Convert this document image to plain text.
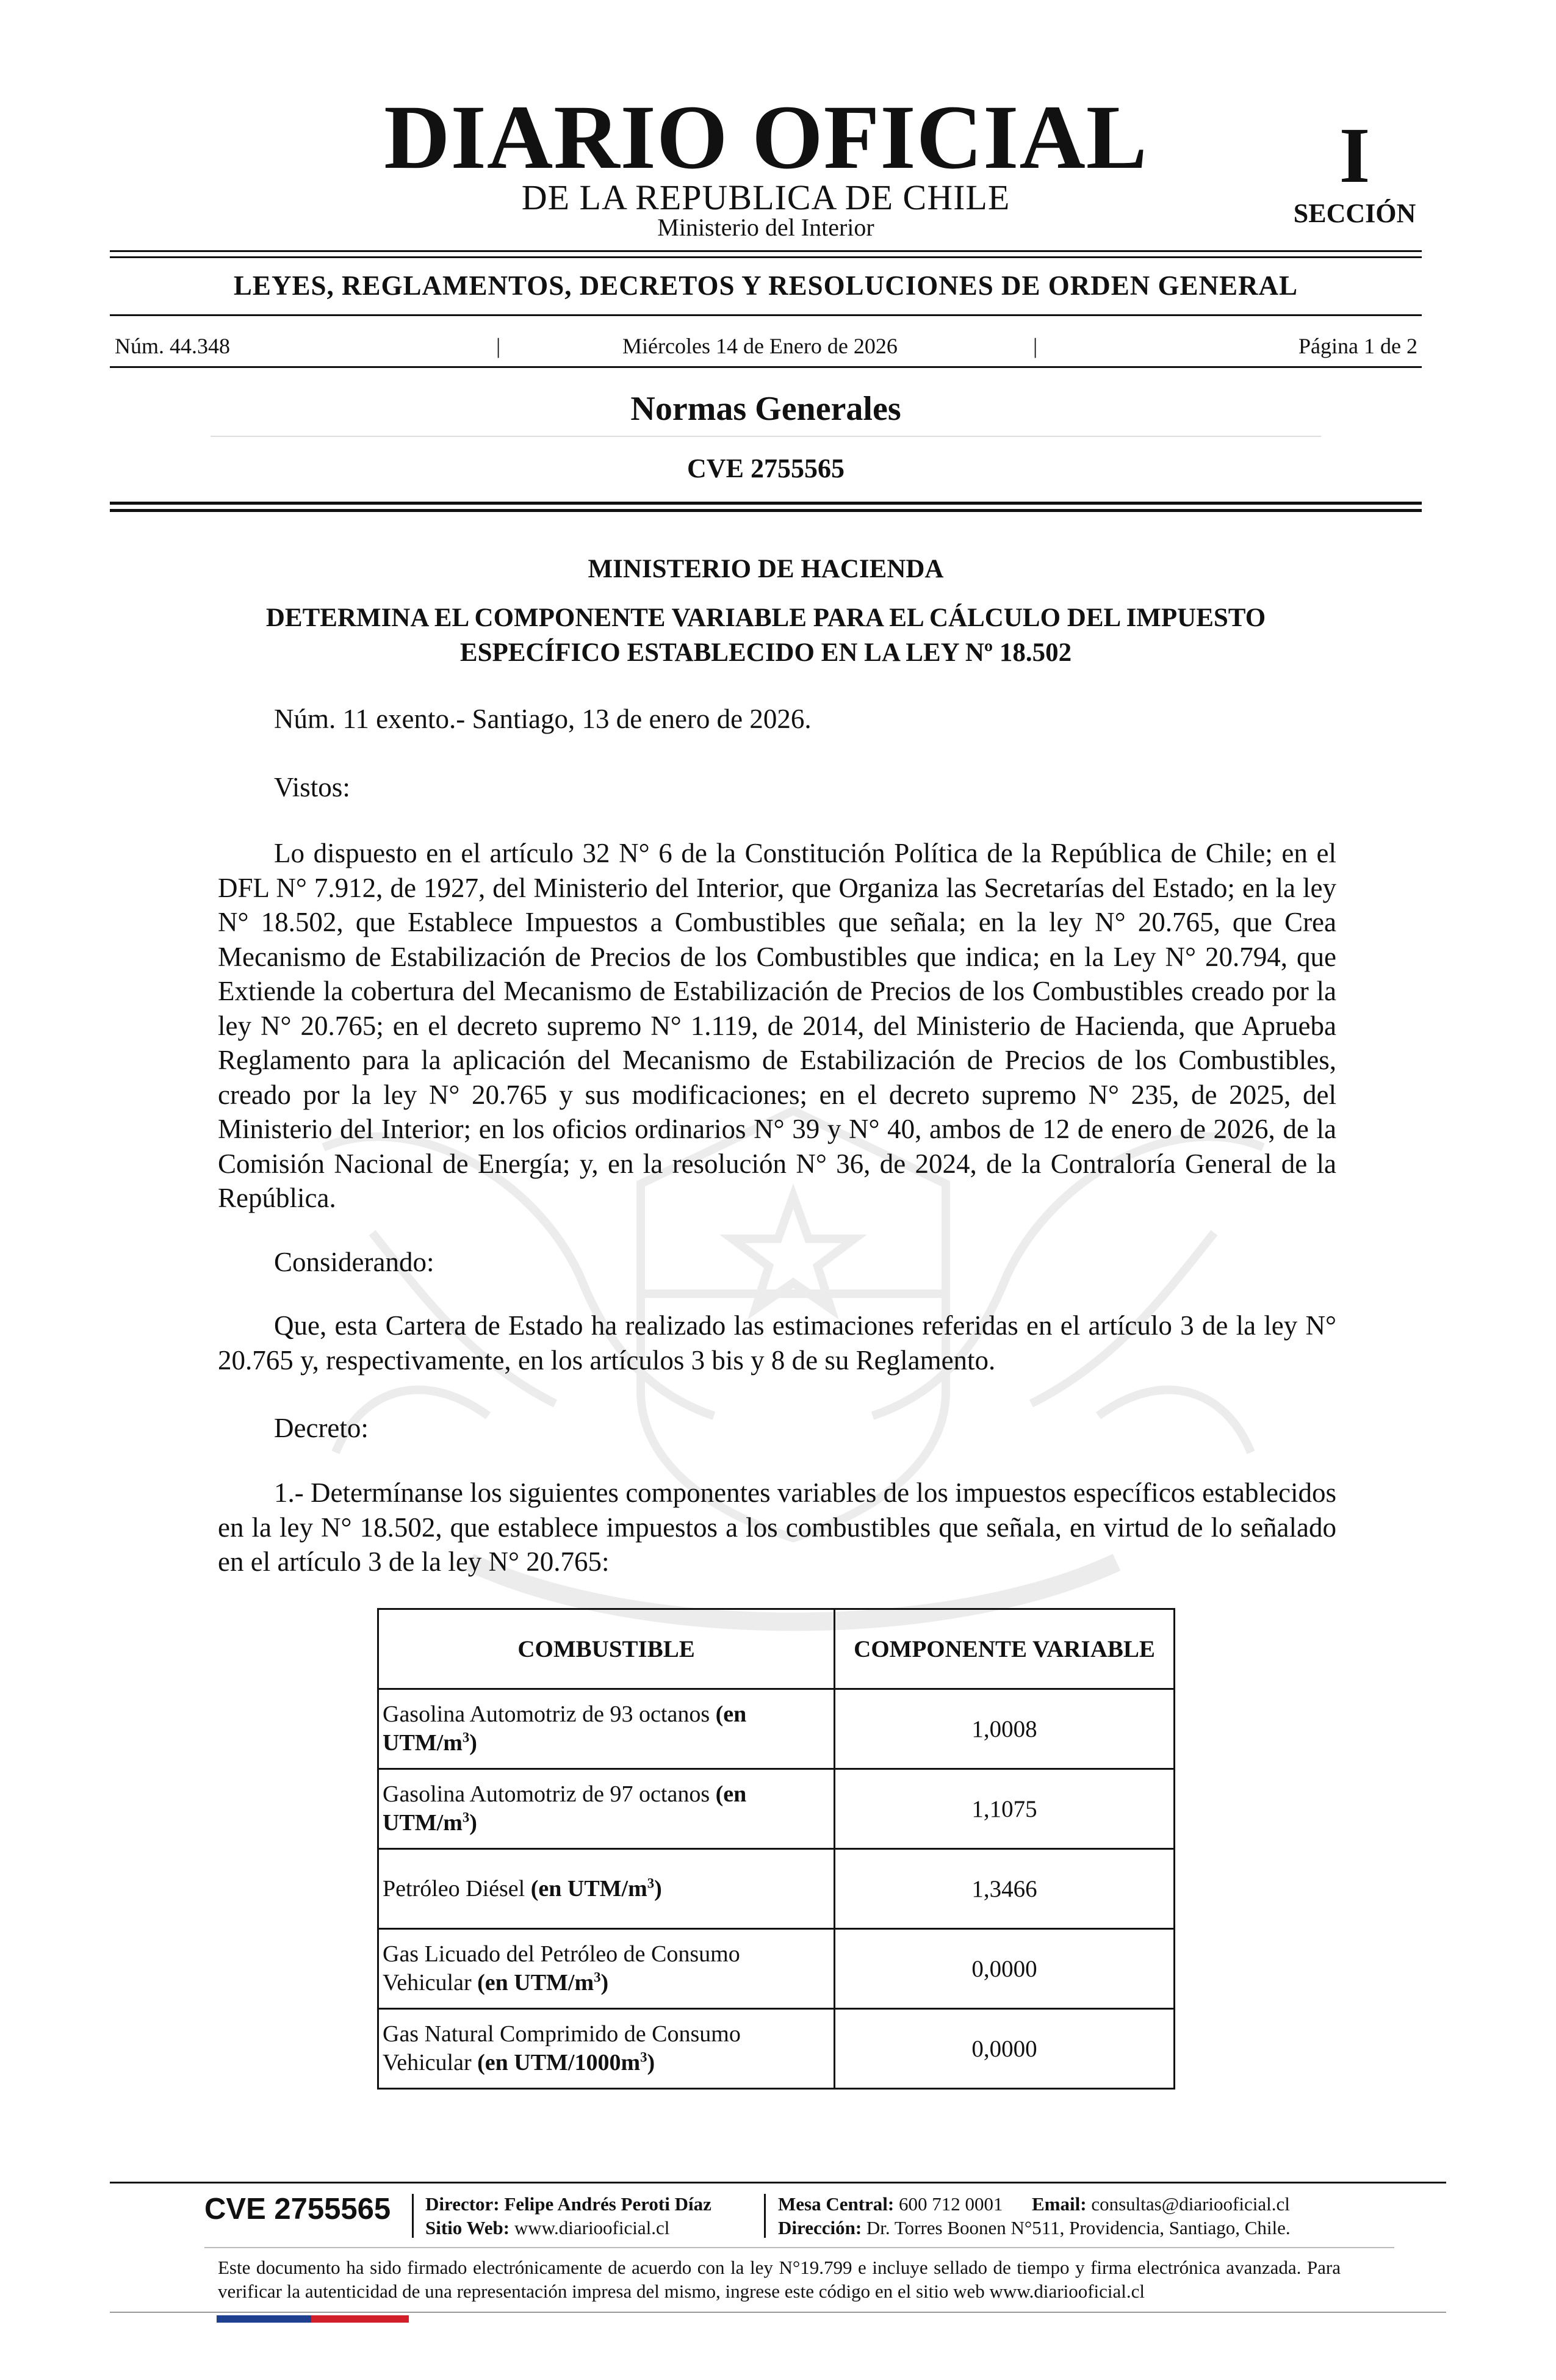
DIARIO OFICIAL
DE LA REPUBLICA DE CHILE
Ministerio del Interior
I
SECCIÓN
LEYES, REGLAMENTOS, DECRETOS Y RESOLUCIONES DE ORDEN GENERAL
Núm. 44.348	|	Miércoles 14 de Enero de 2026	|	Página 1 de 2
Normas Generales
CVE 2755565
MINISTERIO DE HACIENDA
DETERMINA EL COMPONENTE VARIABLE PARA EL CÁLCULO DEL IMPUESTO
ESPECÍFICO ESTABLECIDO EN LA LEY Nº 18.502
Núm. 11 exento.- Santiago, 13 de enero de 2026.
Vistos:
Lo dispuesto en el artículo 32 N° 6 de la Constitución Política de la República de Chile; en el DFL N° 7.912, de 1927, del Ministerio del Interior, que Organiza las Secretarías del Estado; en la ley N° 18.502, que Establece Impuestos a Combustibles que señala; en la ley N° 20.765, que Crea Mecanismo de Estabilización de Precios de los Combustibles que indica; en la Ley N° 20.794, que Extiende la cobertura del Mecanismo de Estabilización de Precios de los Combustibles creado por la ley N° 20.765; en el decreto supremo N° 1.119, de 2014, del Ministerio de Hacienda, que Aprueba Reglamento para la aplicación del Mecanismo de Estabilización de Precios de los Combustibles, creado por la ley N° 20.765 y sus modificaciones; en el decreto supremo N° 235, de 2025, del Ministerio del Interior; en los oficios ordinarios N° 39 y N° 40, ambos de 12 de enero de 2026, de la Comisión Nacional de Energía; y, en la resolución N° 36, de 2024, de la Contraloría General de la República.
Considerando:
Que, esta Cartera de Estado ha realizado las estimaciones referidas en el artículo 3 de la ley N° 20.765 y, respectivamente, en los artículos 3 bis y 8 de su Reglamento.
Decreto:
1.- Determínanse los siguientes componentes variables de los impuestos específicos establecidos en la ley N° 18.502, que establece impuestos a los combustibles que señala, en virtud de lo señalado en el artículo 3 de la ley N° 20.765:
COMBUSTIBLE	COMPONENTE VARIABLE
Gasolina Automotriz de 93 octanos (en UTM/$m^3$)	1,0008
Gasolina Automotriz de 97 octanos (en UTM/$m^3$)	1,1075
Petróleo Diésel (en UTM/$m^3$)	1,3466
Gas Licuado del Petróleo de Consumo Vehicular (en UTM/$m^3$)	0,0000
Gas Natural Comprimido de Consumo Vehicular (en UTM/$1000m^3$)	0,0000
CVE 2755565	Director: Felipe Andrés Peroti Díaz
Sitio Web: www.diariooficial.cl
Mesa Central: 600 712 0001 Email: consultas@diariooficial.cl
Dirección: Dr. Torres Boonen N°511, Providencia, Santiago, Chile.
Este documento ha sido firmado electrónicamente de acuerdo con la ley N°19.799 e incluye sellado de tiempo y firma electrónica avanzada. Para verificar la autenticidad de una representación impresa del mismo, ingrese este código en el sitio web www.diariooficial.cl
